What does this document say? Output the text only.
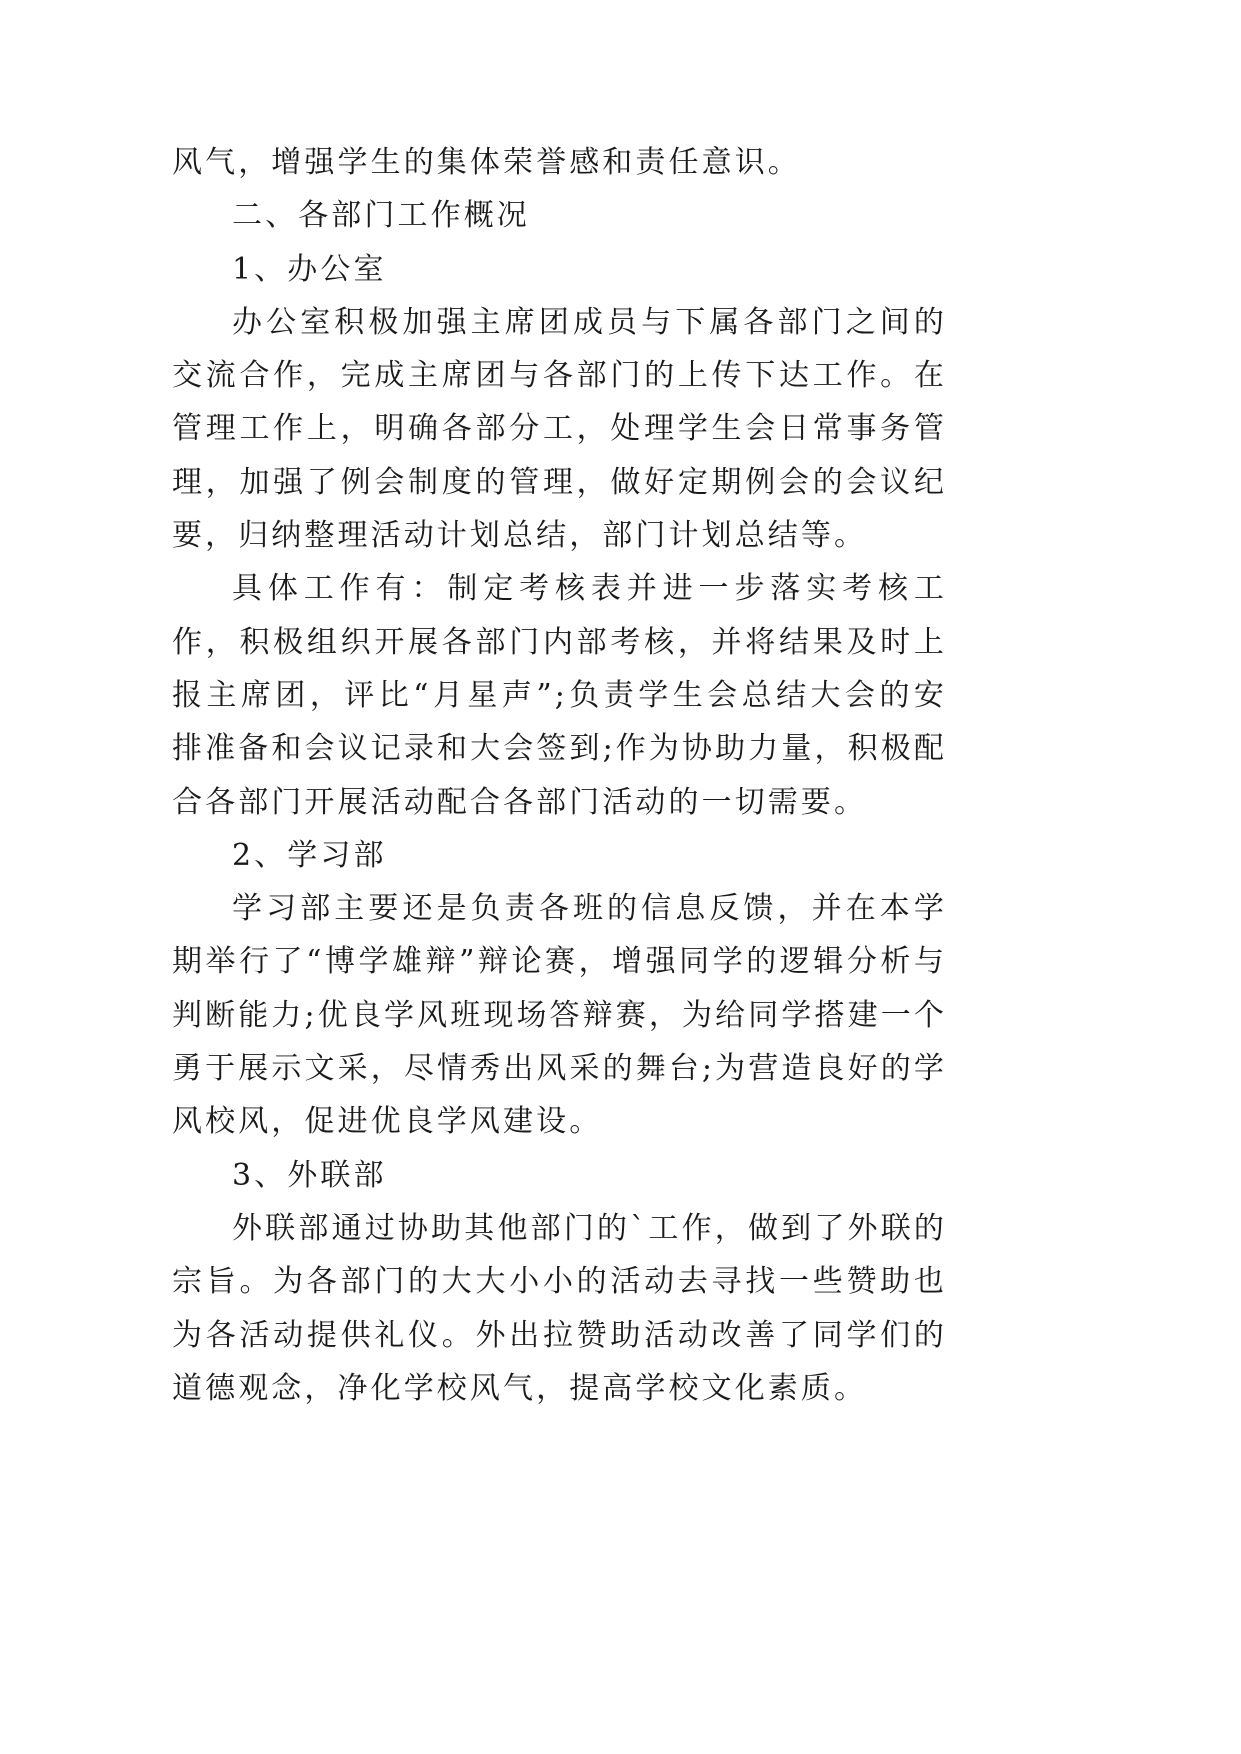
风气，增强学生的集体荣誉感和责任意识。

二、各部门工作概况

1、办公室

办公室积极加强主席团成员与下属各部门之间的交流合作，完成主席团与各部门的上传下达工作。在管理工作上，明确各部分工，处理学生会日常事务管理，加强了例会制度的管理，做好定期例会的会议纪要，归纳整理活动计划总结，部门计划总结等。

具体工作有：制定考核表并进一步落实考核工作，积极组织开展各部门内部考核，并将结果及时上报主席团，评比“月星声”;负责学生会总结大会的安排准备和会议记录和大会签到;作为协助力量，积极配合各部门开展活动配合各部门活动的一切需要。

2、学习部

学习部主要还是负责各班的信息反馈，并在本学期举行了“博学雄辩”辩论赛，增强同学的逻辑分析与判断能力;优良学风班现场答辩赛，为给同学搭建一个勇于展示文采，尽情秀出风采的舞台;为营造良好的学风校风，促进优良学风建设。

3、外联部

外联部通过协助其他部门的`工作，做到了外联的宗旨。为各部门的大大小小的活动去寻找一些赞助也为各活动提供礼仪。外出拉赞助活动改善了同学们的道德观念，净化学校风气，提高学校文化素质。
